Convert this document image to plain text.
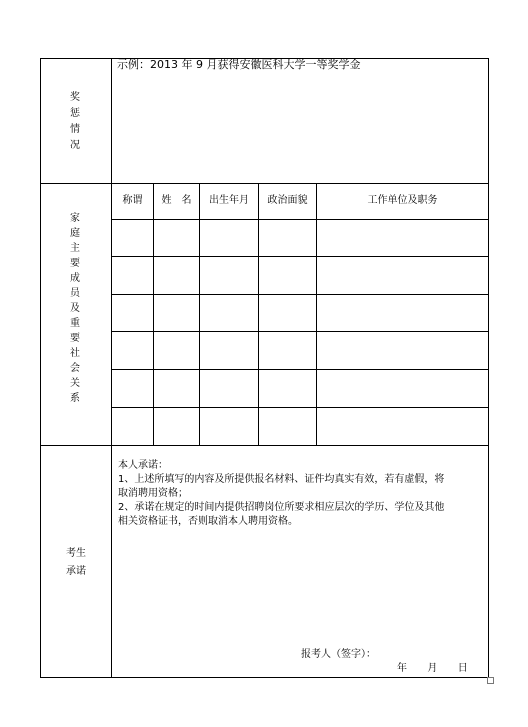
奖
惩
情
况
示例：2013 年 9 月获得安徽医科大学一等奖学金
家
庭
主
要
成
员
及
重
要
社
会
关
系
称谓	姓　名	出生年月	政治面貌	工作单位及职务
考生
承诺
本人承诺：
1、上述所填写的内容及所提供报名材料、证件均真实有效，若有虚假，将
取消聘用资格；
2、承诺在规定的时间内提供招聘岗位所要求相应层次的学历、学位及其他
相关资格证书，否则取消本人聘用资格。
报考人（签字）：
年 月 日
